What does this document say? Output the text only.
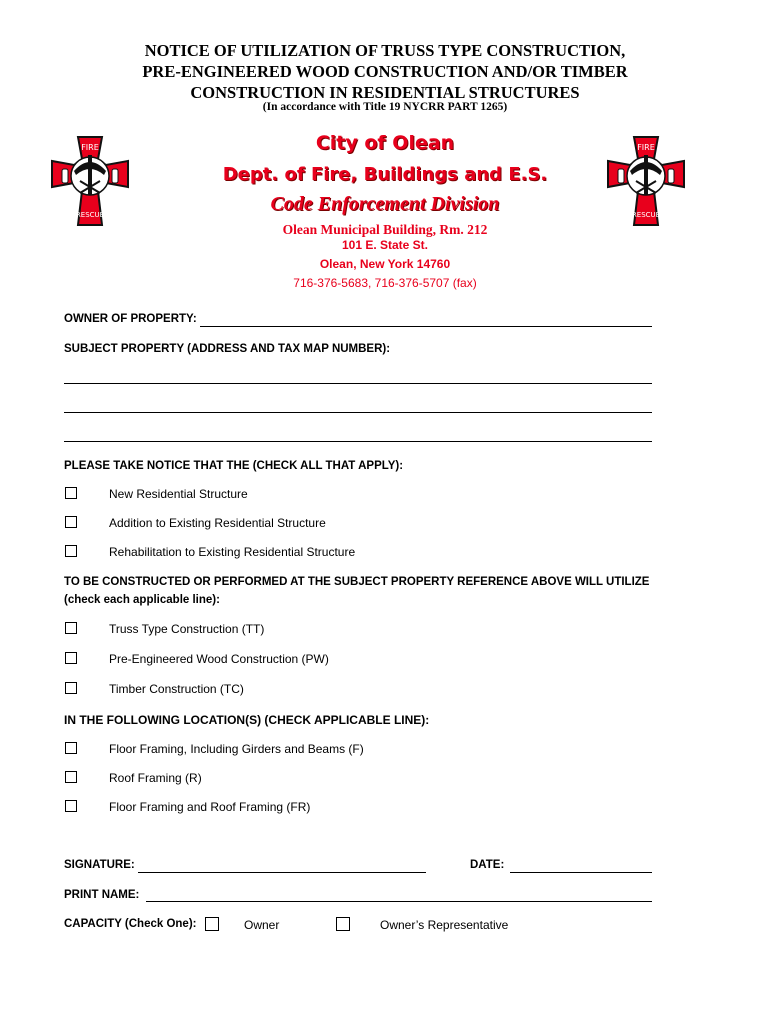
NOTICE OF UTILIZATION OF TRUSS TYPE CONSTRUCTION,
PRE-ENGINEERED WOOD CONSTRUCTION AND/OR TIMBER
CONSTRUCTION IN RESIDENTIAL STRUCTURES
(In accordance with Title 19 NYCRR PART 1265)
FIRE
RESCUE
FIRE
RESCUE
City of Olean
Dept. of Fire, Buildings and E.S.
Code Enforcement Division
Olean Municipal Building, Rm. 212
101 E. State St.
Olean, New York 14760
716-376-5683, 716-376-5707 (fax)
OWNER OF PROPERTY:
SUBJECT PROPERTY (ADDRESS AND TAX MAP NUMBER):
PLEASE TAKE NOTICE THAT THE (CHECK ALL THAT APPLY):
New Residential Structure
Addition to Existing Residential Structure
Rehabilitation to Existing Residential Structure
TO BE CONSTRUCTED OR PERFORMED AT THE SUBJECT PROPERTY REFERENCE ABOVE WILL UTILIZE
(check each applicable line):
Truss Type Construction (TT)
Pre-Engineered Wood Construction (PW)
Timber Construction (TC)
IN THE FOLLOWING LOCATION(S) (CHECK APPLICABLE LINE):
Floor Framing, Including Girders and Beams (F)
Roof Framing (R)
Floor Framing and Roof Framing (FR)
SIGNATURE:	DATE:
PRINT NAME:
CAPACITY (Check One):	Owner	Owner’s Representative
